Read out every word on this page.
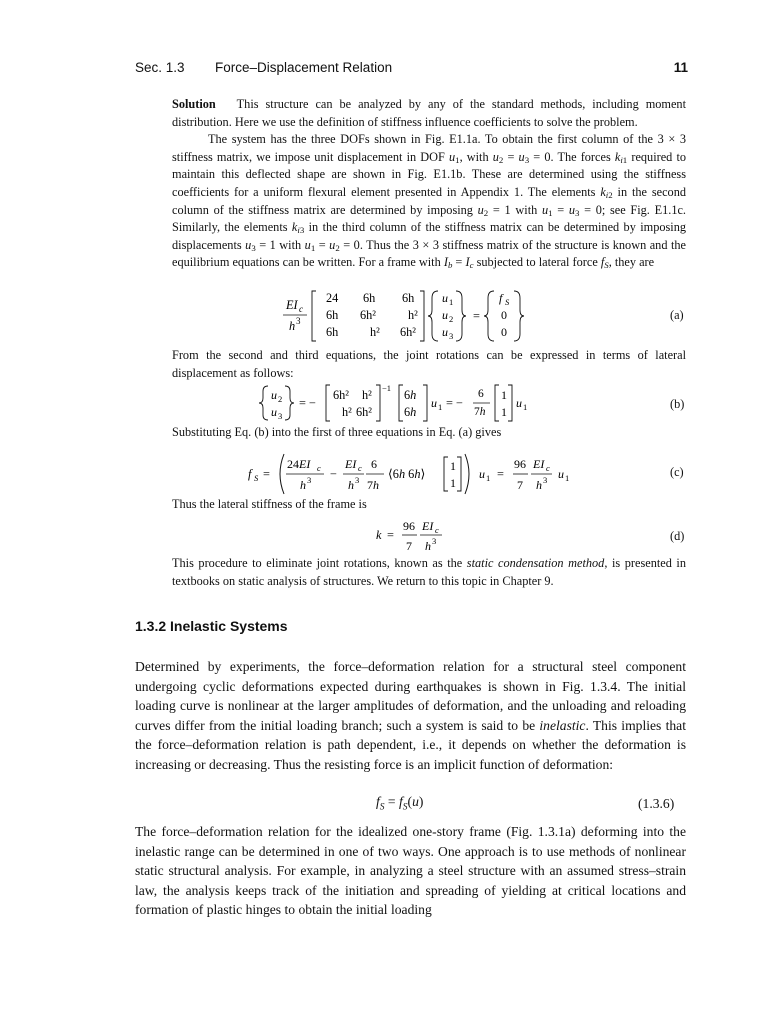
Sec. 1.3 Force–Displacement Relation	11

Solution This structure can be analyzed by any of the standard methods, including moment distribution. Here we use the definition of stiffness influence coefficients to solve the problem.

The system has the three DOFs shown in Fig. E1.1a. To obtain the first column of the 3 × 3 stiffness matrix, we impose unit displacement in DOF $u_1$, with $u_2 = u_3 = 0$. The forces $k_{i1}$ required to maintain this deflected shape are shown in Fig. E1.1b. These are determined using the stiffness coefficients for a uniform flexural element presented in Appendix 1. The elements $k_{i2}$ in the second column of the stiffness matrix are determined by imposing $u_2 = 1$ with $u_1 = u_3 = 0$; see Fig. E1.1c. Similarly, the elements $k_{i3}$ in the third column of the stiffness matrix can be determined by imposing displacements $u_3 = 1$ with $u_1 = u_2 = 0$. Thus the 3 × 3 stiffness matrix of the structure is known and the equilibrium equations can be written. For a frame with $I_b = I_c$ subjected to lateral force $f_S$, they are

EI c
h 3
24 6h 6h
6h 6h²	h²
6h	h² 6h²
u 1
u 2
u 3
=
f S
0
0
(a)

From the second and third equations, the joint rotations can be expressed in terms of lateral displacement as follows:

u 2
u 3
= −
6h² h²
h² 6h²
−1 6h
6h
u 1 = −
6
7h
1
1
u 1	(b)

Substituting Eq. (b) into the first of three equations in Eq. (a) gives

f S =
24EI c
h 3 −
EI c
h 3
6
7h
⟨6h 6h⟩
1
1
u 1 =
96
7
EI c
h 3 u 1	(c)

Thus the lateral stiffness of the frame is

k =
96
7
EI c
h 3	(d)

This procedure to eliminate joint rotations, known as the static condensation method, is presented in textbooks on static analysis of structures. We return to this topic in Chapter 9.

1.3.2 Inelastic Systems

Determined by experiments, the force–deformation relation for a structural steel component undergoing cyclic deformations expected during earthquakes is shown in Fig. 1.3.4. The initial loading curve is nonlinear at the larger amplitudes of deformation, and the unloading and reloading curves differ from the initial loading branch; such a system is said to be inelastic. This implies that the force–deformation relation is path dependent, i.e., it depends on whether the deformation is increasing or decreasing. Thus the resisting force is an implicit function of deformation:

$f_S = f_S(u)$	(1.3.6)

The force–deformation relation for the idealized one-story frame (Fig. 1.3.1a) deforming into the inelastic range can be determined in one of two ways. One approach is to use methods of nonlinear static structural analysis. For example, in analyzing a steel structure with an assumed stress–strain law, the analysis keeps track of the initiation and spreading of yielding at critical locations and formation of plastic hinges to obtain the initial loading
